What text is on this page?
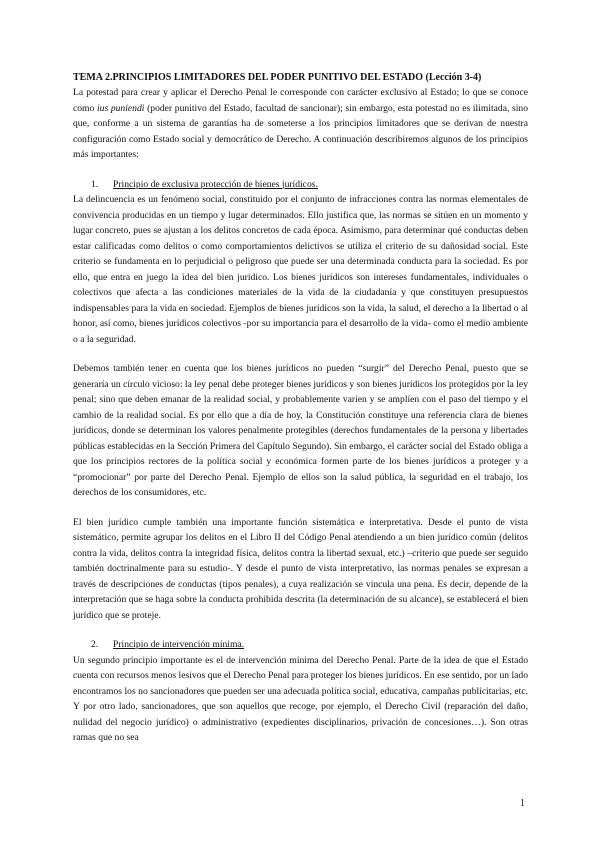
TEMA 2.PRINCIPIOS LIMITADORES DEL PODER PUNITIVO DEL ESTADO (Lección 3-4)

La potestad para crear y aplicar el Derecho Penal le corresponde con carácter exclusivo al Estado; lo que se conoce como ius puniendi (poder punitivo del Estado, facultad de sancionar); sin embargo, esta potestad no es ilimitada, sino que, conforme a un sistema de garantías ha de someterse a los principios limitadores que se derivan de nuestra configuración como Estado social y democrático de Derecho. A continuación describiremos algunos de los principios más importantes:

1. Principio de exclusiva protección de bienes jurídicos.

La delincuencia es un fenómeno social, constituido por el conjunto de infracciones contra las normas elementales de convivencia producidas en un tiempo y lugar determinados. Ello justifica que, las normas se sitúen en un momento y lugar concreto, pues se ajustan a los delitos concretos de cada época. Asimismo, para determinar qué conductas deben estar calificadas como delitos o como comportamientos delictivos se utiliza el criterio de su dañosidad social. Este criterio se fundamenta en lo perjudicial o peligroso que puede ser una determinada conducta para la sociedad. Es por ello, que entra en juego la idea del bien jurídico. Los bienes jurídicos son intereses fundamentales, individuales o colectivos que afecta a las condiciones materiales de la vida de la ciudadanía y que constituyen presupuestos indispensables para la vida en sociedad. Ejemplos de bienes jurídicos son la vida, la salud, el derecho a la libertad o al honor, así como, bienes jurídicos colectivos -por su importancia para el desarrollo de la vida- como el medio ambiente o a la seguridad.

Debemos también tener en cuenta que los bienes jurídicos no pueden “surgir” del Derecho Penal, puesto que se generaría un círculo vicioso: la ley penal debe proteger bienes jurídicos y son bienes jurídicos los protegidos por la ley penal; sino que deben emanar de la realidad social, y probablemente varíen y se amplíen con el paso del tiempo y el cambio de la realidad social. Es por ello que a día de hoy, la Constitución constituye una referencia clara de bienes jurídicos, donde se determinan los valores penalmente protegibles (derechos fundamentales de la persona y libertades públicas establecidas en la Sección Primera del Capítulo Segundo). Sin embargo, el carácter social del Estado obliga a que los principios rectores de la política social y económica formen parte de los bienes jurídicos a proteger y a “promocionar” por parte del Derecho Penal. Ejemplo de ellos son la salud pública, la seguridad en el trabajo, los derechos de los consumidores, etc.

El bien jurídico cumple también una importante función sistemática e interpretativa. Desde el punto de vista sistemático, permite agrupar los delitos en el Libro II del Código Penal atendiendo a un bien jurídico común (delitos contra la vida, delitos contra la integridad física, delitos contra la libertad sexual, etc.) –criterio que puede ser seguido también doctrinalmente para su estudio-. Y desde el punto de vista interpretativo, las normas penales se expresan a través de descripciones de conductas (tipos penales), a cuya realización se vincula una pena. Es decir, depende de la interpretación que se haga sobre la conducta prohibida descrita (la determinación de su alcance), se establecerá el bien jurídico que se proteje.

2. Principio de intervención mínima.

Un segundo principio importante es el de intervención mínima del Derecho Penal. Parte de la idea de que el Estado cuenta con recursos menos lesivos que el Derecho Penal para proteger los bienes jurídicos. En ese sentido, por un lado encontramos los no sancionadores que pueden ser una adecuada política social, educativa, campañas publicitarias, etc. Y por otro lado, sancionadores, que son aquellos que recoge, por ejemplo, el Derecho Civil (reparación del daño, nulidad del negocio jurídico) o administrativo (expedientes disciplinarios, privación de concesiones…). Son otras ramas que no sea

1
